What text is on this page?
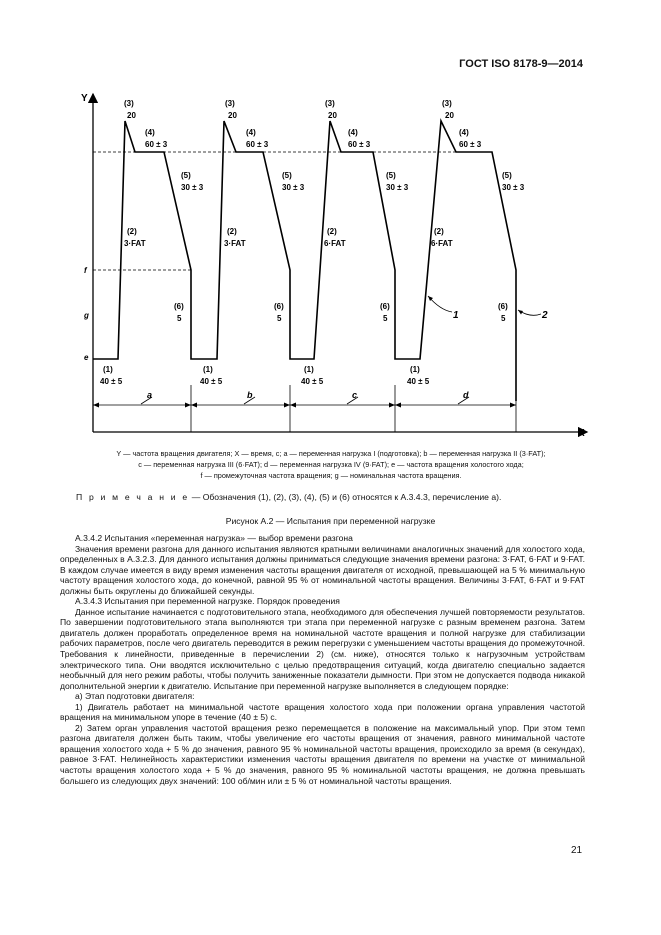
ГОСТ ISO 8178-9—2014
Y
X
f
g
e
a	b	c	d
(3)
20
(4)
60 ± 3
(5)
30 ± 3
(2)
3·FAT
(6)
5
(1)
40 ± 5
(3)
20
(4)
60 ± 3
(5)
30 ± 3
(2)
3·FAT
(6)
5
(1)
40 ± 5
(3)
20
(4)
60 ± 3
(5)
30 ± 3
(2)
6·FAT
(6)
5
(1)
40 ± 5
(3)
20
(4)
60 ± 3
(5)
30 ± 3
(2)
6·FAT
(6)
5
(1)
40 ± 5
1	2
Y — частота вращения двигателя; X — время, с; a — переменная нагрузка I (подготовка); b — переменная нагрузка II (3·FAT);
c — переменная нагрузка III (6·FAT); d — переменная нагрузка IV (9·FAT); e — частота вращения холостого хода;
f — промежуточная частота вращения; g — номинальная частота вращения.
П р и м е ч а н и е — Обозначения (1), (2), (3), (4), (5) и (6) относятся к А.3.4.3, перечисление а).
Рисунок А.2 — Испытания при переменной нагрузке

А.3.4.2 Испытания «переменная нагрузка» — выбор времени разгона

Значения времени разгона для данного испытания являются кратными величинами аналогичных значений для холостого хода, определенных в А.3.2.3. Для данного испытания должны приниматься следующие значения времени разгона: 3·FAT, 6·FAT и 9·FAT. В каждом случае имеется в виду время изменения частоты вращения двигателя от исходной, превышающей на 5 % минимальную частоту вращения холостого хода, до конечной, равной 95 % от номинальной частоты вращения. Величины 3·FAT, 6·FAT и 9·FAT должны быть округлены до ближайшей секунды.

А.3.4.3 Испытания при переменной нагрузке. Порядок проведения

Данное испытание начинается с подготовительного этапа, необходимого для обеспечения лучшей повторяемости результатов. По завершении подготовительного этапа выполняются три этапа при переменной нагрузке с разным временем разгона. Затем двигатель должен проработать определенное время на номинальной частоте вращения и полной нагрузке для стабилизации рабочих параметров, после чего двигатель переводится в режим перегрузки с уменьшением частоты вращения до промежуточной. Требования к линейности, приведенные в перечислении 2) (см. ниже), относятся только к нагрузочным устройствам электрического типа. Они вводятся исключительно с целью предотвращения ситуаций, когда двигателю специально задается необычный для него режим работы, чтобы получить заниженные показатели дымности. При этом не допускается подвода никакой дополнительной энергии к двигателю. Испытание при переменной нагрузке выполняется в следующем порядке:

а) Этап подготовки двигателя:

1) Двигатель работает на минимальной частоте вращения холостого хода при положении органа управления частотой вращения на минимальном упоре в течение (40 ± 5) с.

2) Затем орган управления частотой вращения резко перемещается в положение на максимальный упор. При этом темп разгона двигателя должен быть таким, чтобы увеличение его частоты вращения от значения, равного минимальной частоте вращения холостого хода + 5 % до значения, равного 95 % номинальной частоты вращения, происходило за время (в секундах), равное 3·FAT. Нелинейность характеристики изменения частоты вращения двигателя по времени на участке от минимальной частоты вращения холостого хода + 5 % до значения, равного 95 % номинальной частоты вращения, не должна превышать большего из следующих двух значений: 100 об/мин или ± 5 % от номинальной частоты вращения.

21
